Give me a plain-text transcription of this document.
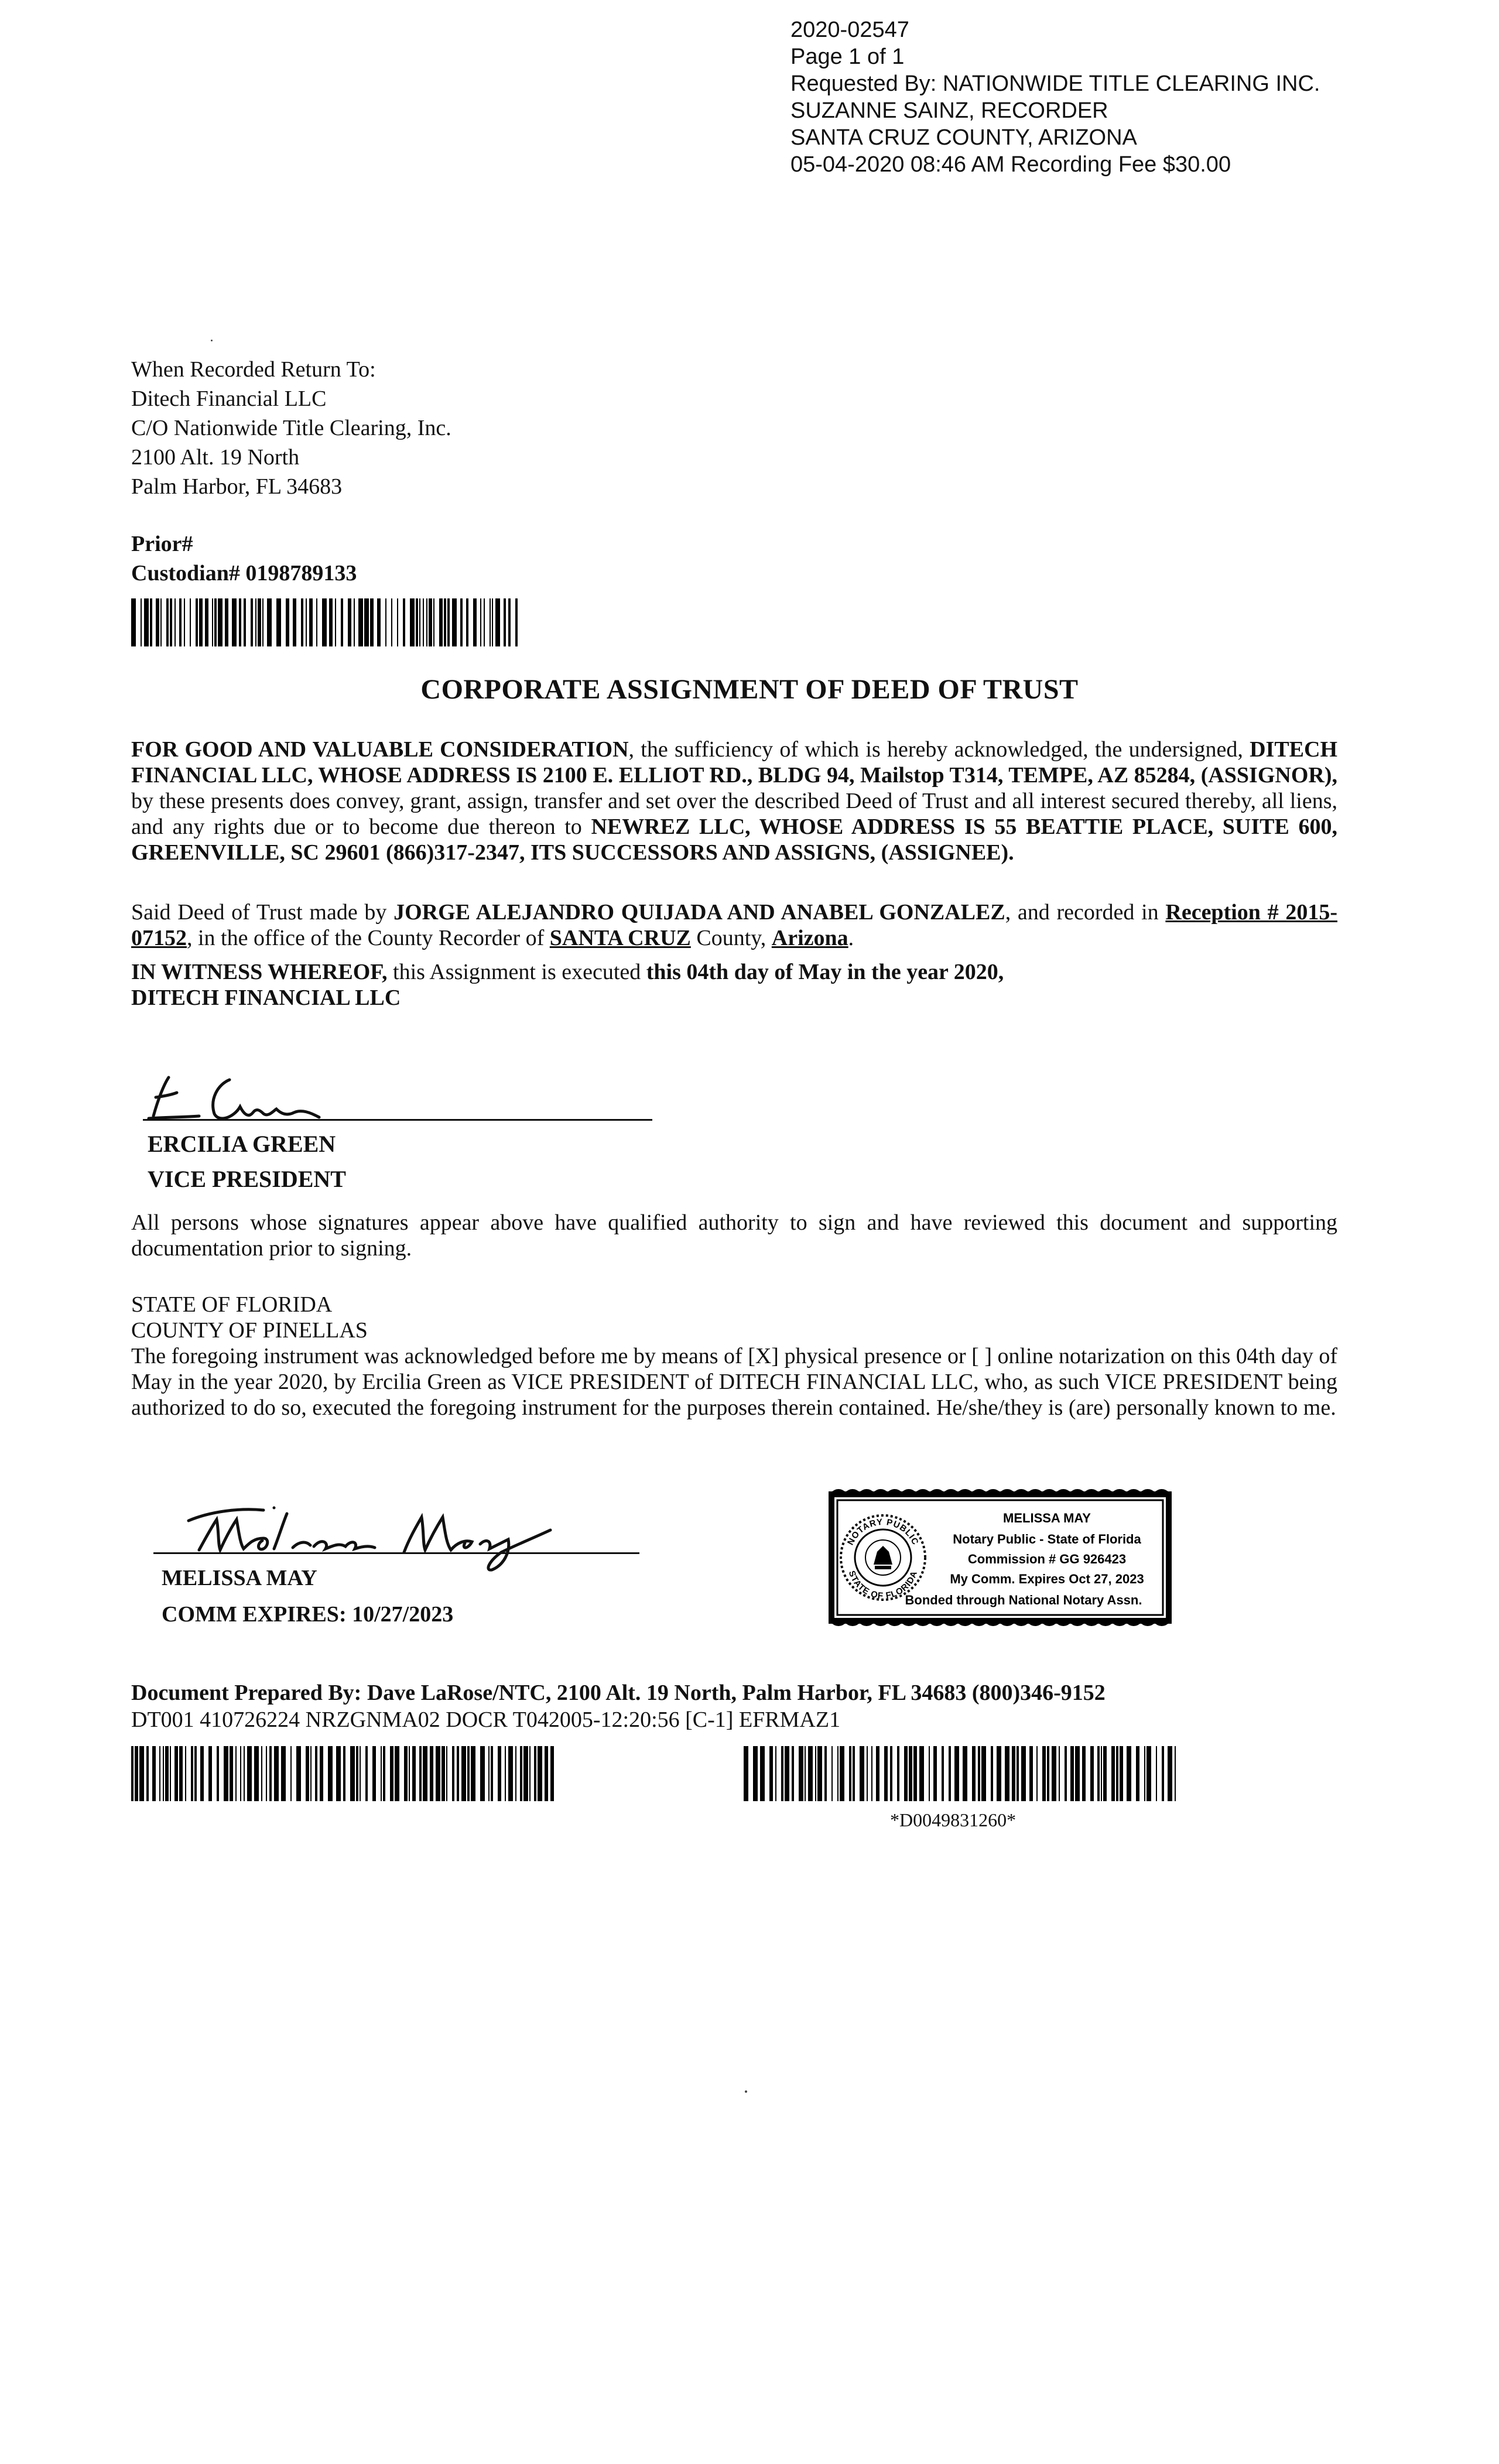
2020-02547
Page 1 of 1
Requested By: NATIONWIDE TITLE CLEARING INC.
SUZANNE SAINZ, RECORDER
SANTA CRUZ COUNTY, ARIZONA
05-04-2020 08:46 AM Recording Fee $30.00
When Recorded Return To:
Ditech Financial LLC
C/O Nationwide Title Clearing, Inc.
2100 Alt. 19 North
Palm Harbor, FL 34683
Prior#
Custodian# 0198789133
CORPORATE ASSIGNMENT OF DEED OF TRUST
FOR GOOD AND VALUABLE CONSIDERATION, the sufficiency of which is hereby acknowledged, the undersigned, DITECH FINANCIAL LLC, WHOSE ADDRESS IS 2100 E. ELLIOT RD., BLDG 94, Mailstop T314, TEMPE, AZ 85284, (ASSIGNOR), by these presents does convey, grant, assign, transfer and set over the described Deed of Trust and all interest secured thereby, all liens, and any rights due or to become due thereon to NEWREZ LLC, WHOSE ADDRESS IS 55 BEATTIE PLACE, SUITE 600, GREENVILLE, SC 29601 (866)317-2347, ITS SUCCESSORS AND ASSIGNS, (ASSIGNEE).
Said Deed of Trust made by JORGE ALEJANDRO QUIJADA AND ANABEL GONZALEZ, and recorded in Reception # 2015-07152, in the office of the County Recorder of SANTA CRUZ County, Arizona.
IN WITNESS WHEREOF, this Assignment is executed this 04th day of May in the year 2020,
DITECH FINANCIAL LLC
ERCILIA GREEN
VICE PRESIDENT
All persons whose signatures appear above have qualified authority to sign and have reviewed this document and supporting documentation prior to signing.
STATE OF FLORIDA
COUNTY OF PINELLAS
The foregoing instrument was acknowledged before me by means of [X] physical presence or [ ] online notarization on this 04th day of May in the year 2020, by Ercilia Green as VICE PRESIDENT of DITECH FINANCIAL LLC, who, as such VICE PRESIDENT being authorized to do so, executed the foregoing instrument for the purposes therein contained. He/she/they is (are) personally known to me.
MELISSA MAY
COMM EXPIRES: 10/27/2023
NOTARY PUBLIC
STATE OF FLORIDA
MELISSA MAY
Notary Public - State of Florida
Commission # GG 926423
My Comm. Expires Oct 27, 2023
Bonded through National Notary Assn.
Document Prepared By: Dave LaRose/NTC, 2100 Alt. 19 North, Palm Harbor, FL 34683 (800)346-9152
DT001 410726224 NRZGNMA02 DOCR T042005-12:20:56 [C-1] EFRMAZ1
*D0049831260*
